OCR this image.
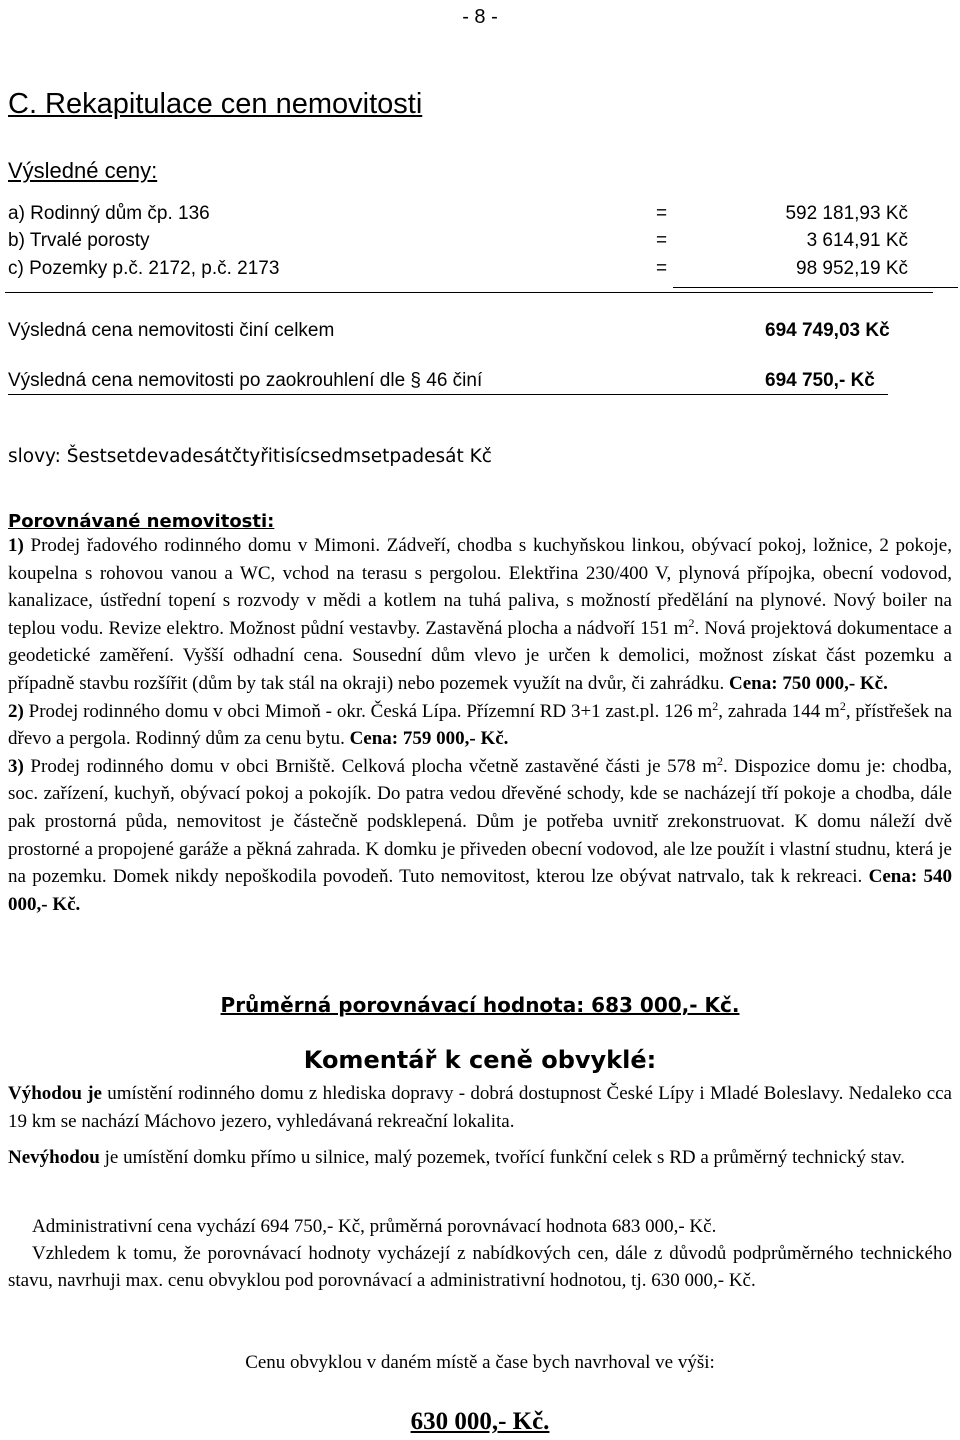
- 8 -
C. Rekapitulace cen nemovitosti
Výsledné ceny:
a) Rodinný dům čp. 136	=	592 181,93 Kč
b) Trvalé porosty	=	3 614,91 Kč
c) Pozemky p.č. 2172, p.č. 2173	=	98 952,19 Kč
Výsledná cena nemovitosti činí celkem	694 749,03 Kč
Výsledná cena nemovitosti po zaokrouhlení dle § 46 činí	694 750,- Kč
slovy: Šestsetdevadesátčtyřitisícsedmsetpadesát Kč
Porovnávané nemovitosti:

1) Prodej řadového rodinného domu v Mimoni. Zádveří, chodba s kuchyňskou linkou, obývací pokoj, ložnice, 2 pokoje, koupelna s rohovou vanou a WC, vchod na terasu s pergolou. Elektřina 230/400 V, plynová přípojka, obecní vodovod, kanalizace, ústřední topení s rozvody v mědi a kotlem na tuhá paliva, s možností předělání na plynové. Nový boiler na teplou vodu. Revize elektro. Možnost půdní vestavby. Zastavěná plocha a nádvoří 151 $m^2$. Nová projektová dokumentace a geodetické zaměření. Vyšší odhadní cena. Sousední dům vlevo je určen k demolici, možnost získat část pozemku a případně stavbu rozšířit (dům by tak stál na okraji) nebo pozemek využít na dvůr, či zahrádku. Cena: 750 000,- Kč.

2) Prodej rodinného domu v obci Mimoň - okr. Česká Lípa. Přízemní RD 3+1 zast.pl. 126 $m^2$, zahrada 144 $m^2$, přístřešek na dřevo a pergola. Rodinný dům za cenu bytu. Cena: 759 000,- Kč.

3) Prodej rodinného domu v obci Brniště. Celková plocha včetně zastavěné části je 578 $m^2$. Dispozice domu je: chodba, soc. zařízení, kuchyň, obývací pokoj a pokojík. Do patra vedou dřevěné schody, kde se nacházejí tří pokoje a chodba, dále pak prostorná půda, nemovitost je částečně podsklepená. Dům je potřeba uvnitř zrekonstruovat. K domu náleží dvě prostorné a propojené garáže a pěkná zahrada. K domku je přiveden obecní vodovod, ale lze použít i vlastní studnu, která je na pozemku. Domek nikdy nepoškodila povodeň. Tuto nemovitost, kterou lze obývat natrvalo, tak k rekreaci. Cena: 540 000,- Kč.

Průměrná porovnávací hodnota: 683 000,- Kč.
Komentář k ceně obvyklé:

Výhodou je umístění rodinného domu z hlediska dopravy - dobrá dostupnost České Lípy i Mladé Boleslavy. Nedaleko cca 19 km se nachází Máchovo jezero, vyhledávaná rekreační lokalita.

Nevýhodou je umístění domku přímo u silnice, malý pozemek, tvořící funkční celek s RD a průměrný technický stav.

Administrativní cena vychází 694 750,- Kč, průměrná porovnávací hodnota 683 000,- Kč.

Vzhledem k tomu, že porovnávací hodnoty vycházejí z nabídkových cen, dále z důvodů podprůměrného technického stavu, navrhuji max. cenu obvyklou pod porovnávací a administrativní hodnotou, tj. 630 000,- Kč.

Cenu obvyklou v daném místě a čase bych navrhoval ve výši:
630 000,- Kč.
